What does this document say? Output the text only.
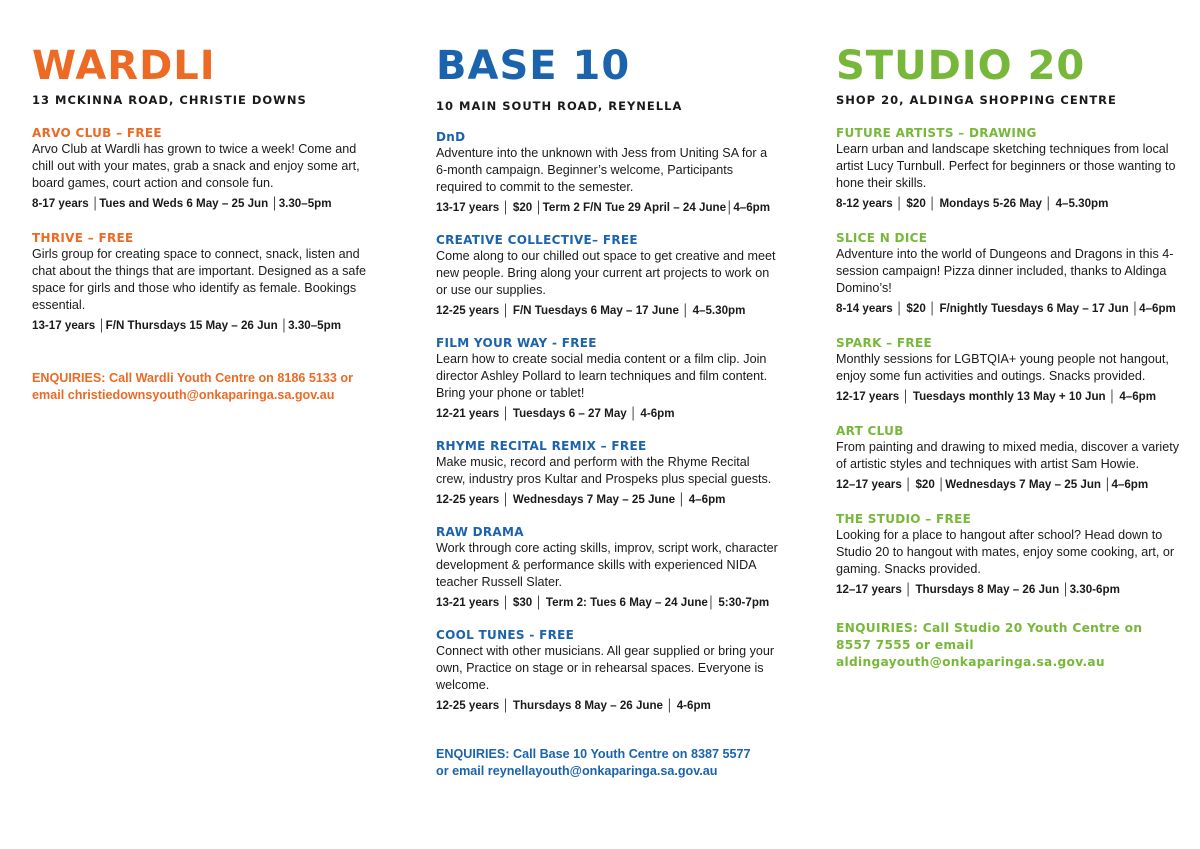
WARDLI
13 MCKINNA ROAD, CHRISTIE DOWNS
ARVO CLUB – FREE
Arvo Club at Wardli has grown to twice a week! Come and chill out with your mates, grab a snack and enjoy some art, board games, court action and console fun.
8-17 years │Tues and Weds 6 May – 25 Jun │3.30–5pm
THRIVE – FREE
Girls group for creating space to connect, snack, listen and chat about the things that are important. Designed as a safe space for girls and those who identify as female. Bookings essential.
13-17 years │F/N Thursdays 15 May – 26 Jun │3.30–5pm
ENQUIRIES: Call Wardli Youth Centre on 8186 5133 or
email christiedownsyouth@onkaparinga.sa.gov.au
BASE 10
10 MAIN SOUTH ROAD, REYNELLA
DnD
Adventure into the unknown with Jess from Uniting SA for a 6-month campaign. Beginner’s welcome, Participants required to commit to the semester.
13-17 years │ $20 │Term 2 F/N Tue 29 April – 24 June│4–6pm
CREATIVE COLLECTIVE– FREE
Come along to our chilled out space to get creative and meet new people. Bring along your current art projects to work on or use our supplies.
12-25 years │ F/N Tuesdays 6 May – 17 June │ 4–5.30pm
FILM YOUR WAY - FREE
Learn how to create social media content or a film clip. Join director Ashley Pollard to learn techniques and film content. Bring your phone or tablet!
12-21 years │ Tuesdays 6 – 27 May │ 4-6pm
RHYME RECITAL REMIX – FREE
Make music, record and perform with the Rhyme Recital crew, industry pros Kultar and Prospeks plus special guests.
12-25 years │ Wednesdays 7 May – 25 June │ 4–6pm
RAW DRAMA
Work through core acting skills, improv, script work, character development & performance skills with experienced NIDA teacher Russell Slater.
13-21 years │ $30 │ Term 2: Tues 6 May – 24 June│ 5:30-7pm
COOL TUNES - FREE
Connect with other musicians. All gear supplied or bring your own, Practice on stage or in rehearsal spaces. Everyone is welcome.
12-25 years │ Thursdays 8 May – 26 June │ 4-6pm
ENQUIRIES: Call Base 10 Youth Centre on 8387 5577
or email reynellayouth@onkaparinga.sa.gov.au
STUDIO 20
SHOP 20, ALDINGA SHOPPING CENTRE
FUTURE ARTISTS – DRAWING
Learn urban and landscape sketching techniques from local artist Lucy Turnbull. Perfect for beginners or those wanting to hone their skills.
8-12 years │ $20 │ Mondays 5-26 May │ 4–5.30pm
SLICE N DICE
Adventure into the world of Dungeons and Dragons in this 4-session campaign! Pizza dinner included, thanks to Aldinga Domino’s!
8-14 years │ $20 │ F/nightly Tuesdays 6 May – 17 Jun │4–6pm
SPARK – FREE
Monthly sessions for LGBTQIA+ young people not hangout, enjoy some fun activities and outings. Snacks provided.
12-17 years │ Tuesdays monthly 13 May + 10 Jun │ 4–6pm
ART CLUB
From painting and drawing to mixed media, discover a variety of artistic styles and techniques with artist Sam Howie.
12–17 years │ $20 │Wednesdays 7 May – 25 Jun │4–6pm
THE STUDIO – FREE
Looking for a place to hangout after school? Head down to Studio 20 to hangout with mates, enjoy some cooking, art, or gaming. Snacks provided.
12–17 years │ Thursdays 8 May – 26 Jun │3.30-6pm
ENQUIRIES: Call Studio 20 Youth Centre on
8557 7555 or email
aldingayouth@onkaparinga.sa.gov.au
